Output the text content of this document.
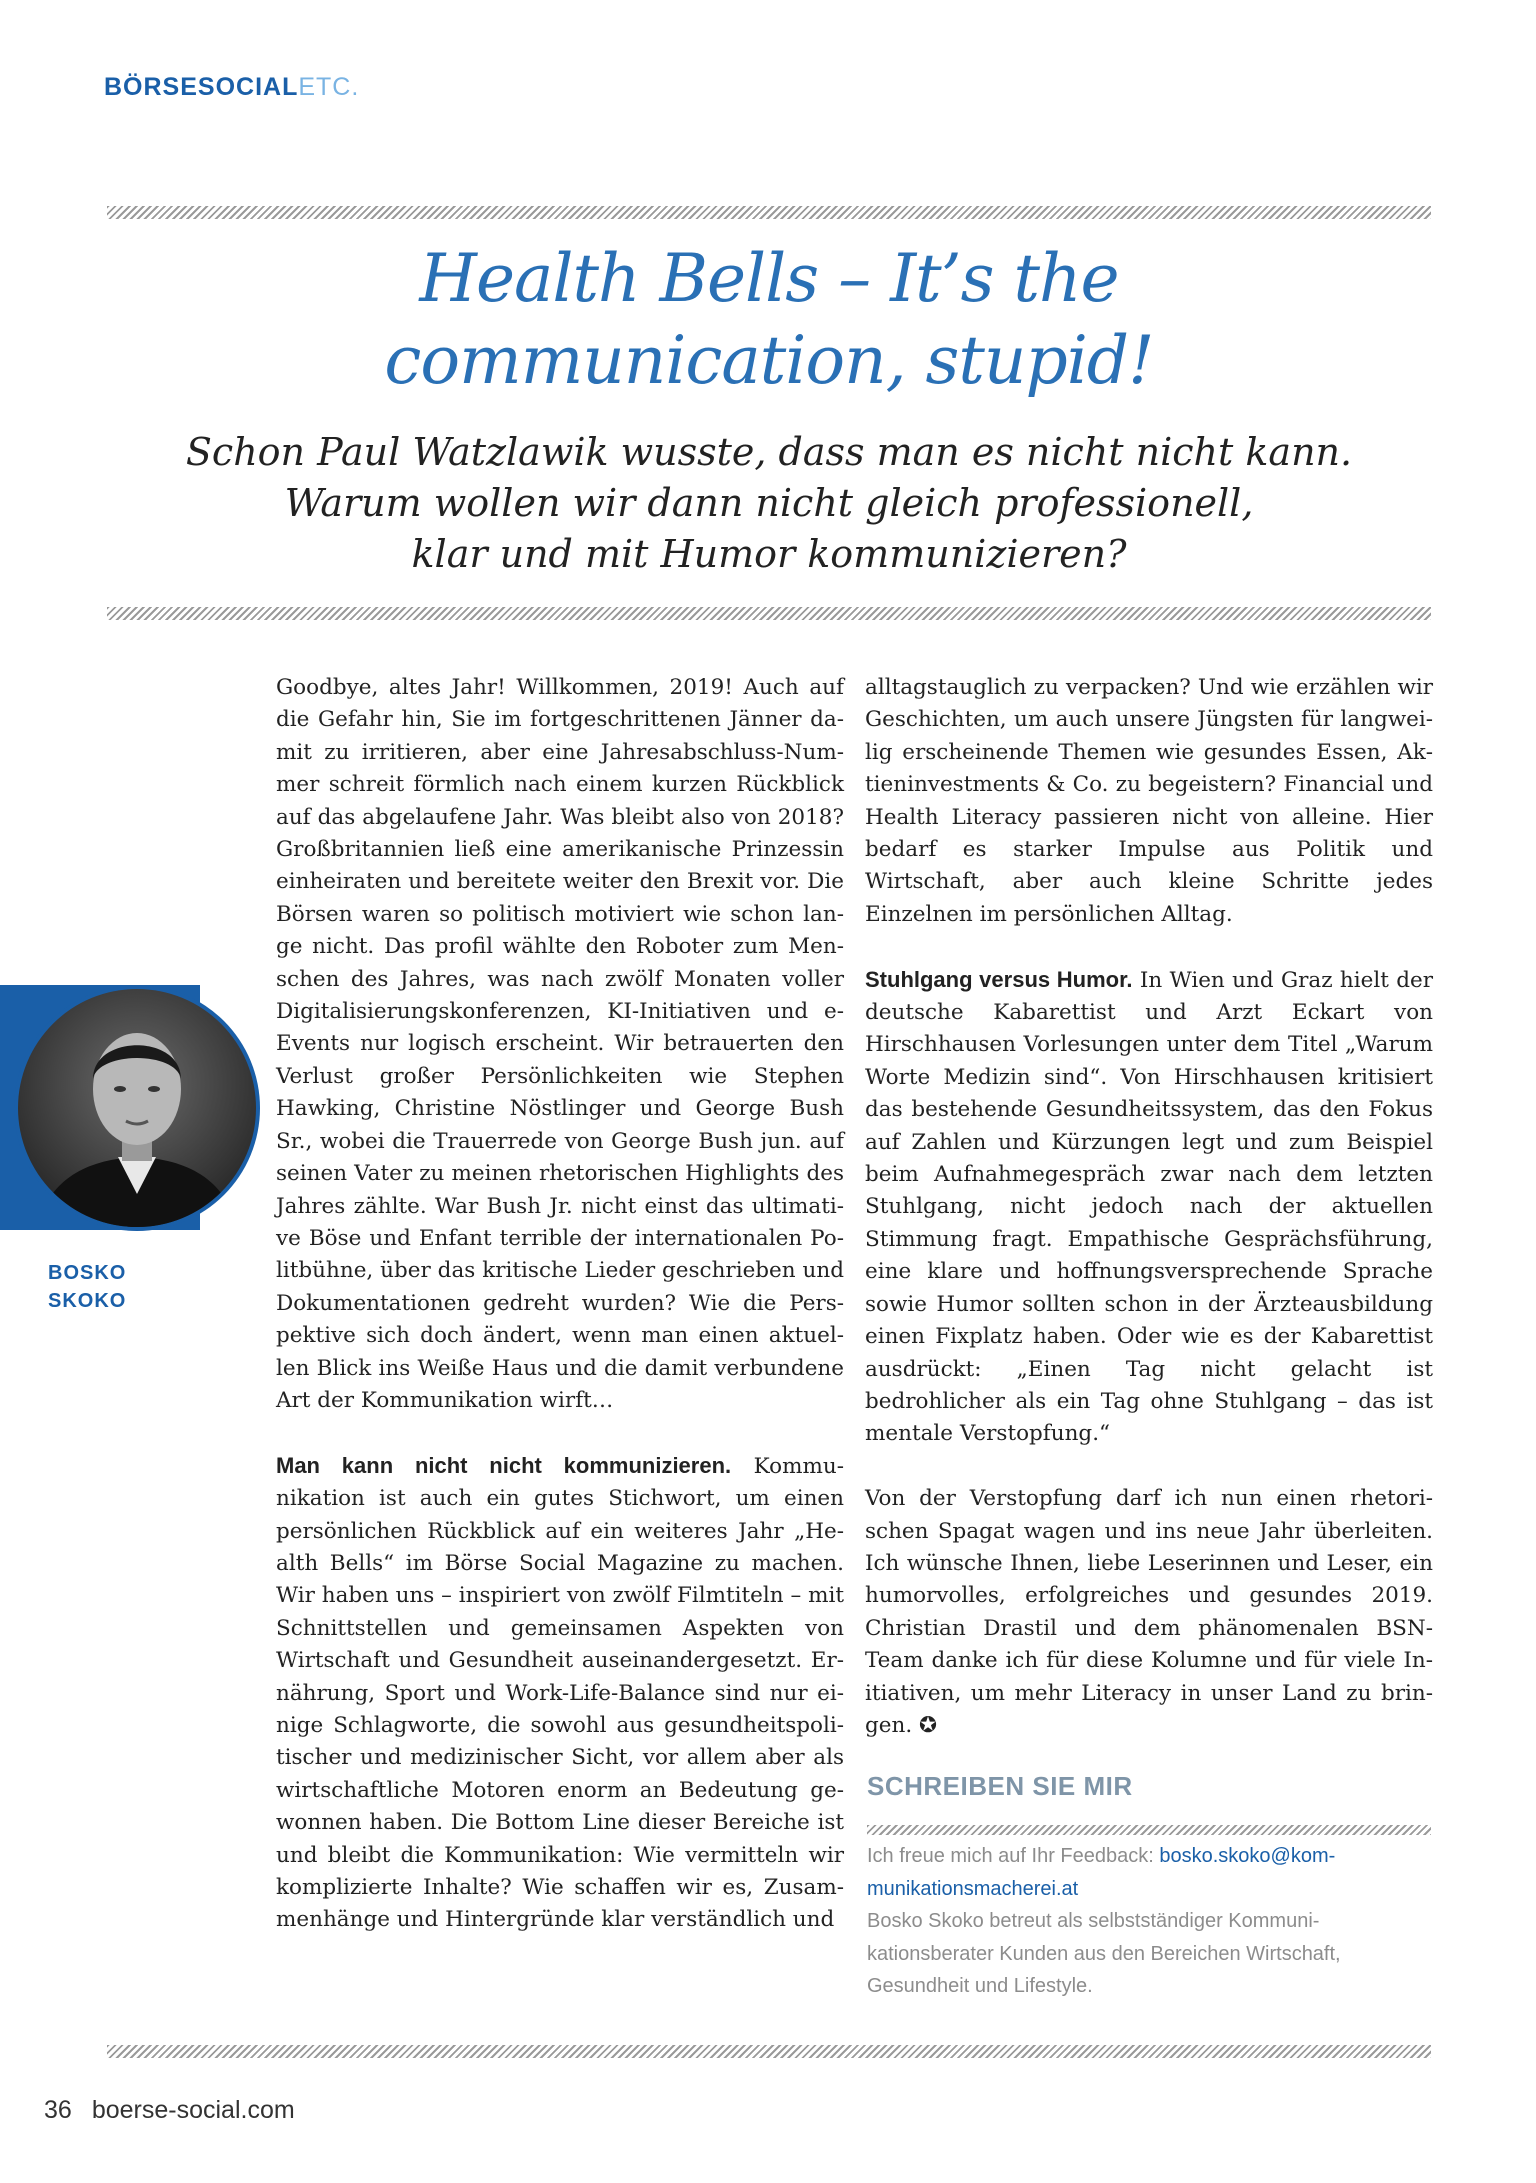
BÖRSESOCIALETC.
Health Bells – It’s the
communication, stupid!
Schon Paul Watzlawik wusste, dass man es nicht nicht kann.
Warum wollen wir dann nicht gleich professionell,
klar und mit Humor kommunizieren?
BOSKO
SKOKO

Goodbye, altes Jahr! Willkommen, 2019! Auch auf die Gefahr hin, Sie im fortgeschrittenen Jänner damit zu irritieren, aber eine Jahresabschluss-Nummer schreit förmlich nach einem kurzen Rückblick auf das abgelaufene Jahr. Was bleibt also von 2018? Großbritannien ließ eine amerikanische Prinzessin einheiraten und bereitete weiter den Brexit vor. Die Börsen waren so politisch motiviert wie schon lange nicht. Das profil wählte den Roboter zum Menschen des Jahres, was nach zwölf Monaten voller Digitalisierungskonferenzen, KI-Initiativen und e-Events nur logisch erscheint. Wir betrauerten den Verlust großer Persönlichkeiten wie Stephen Hawking, Christine Nöstlinger und George Bush Sr., wobei die Trauerrede von George Bush jun. auf seinen Vater zu meinen rhetorischen Highlights des Jahres zählte. War Bush Jr. nicht einst das ultimative Böse und Enfant terrible der internationalen Politbühne, über das kritische Lieder geschrieben und Dokumentationen gedreht wurden? Wie die Perspektive sich doch ändert, wenn man einen aktuellen Blick ins Weiße Haus und die damit verbundene Art der Kommunikation wirft…

Man kann nicht nicht kommunizieren. Kommunikation ist auch ein gutes Stichwort, um einen persönlichen Rückblick auf ein weiteres Jahr „Health Bells“ im Börse Social Magazine zu machen. Wir haben uns – inspiriert von zwölf Filmtiteln – mit Schnittstellen und gemeinsamen Aspekten von Wirtschaft und Gesundheit auseinandergesetzt. Ernährung, Sport und Work-Life-Balance sind nur einige Schlagworte, die sowohl aus gesundheitspolitischer und medizinischer Sicht, vor allem aber als wirtschaftliche Motoren enorm an Bedeutung gewonnen haben. Die Bottom Line dieser Bereiche ist und bleibt die Kommunikation: Wie vermitteln wir komplizierte Inhalte? Wie schaffen wir es, Zusammenhänge und Hintergründe klar verständlich und

alltagstauglich zu verpacken? Und wie erzählen wir Geschichten, um auch unsere Jüngsten für langweilig erscheinende Themen wie gesundes Essen, Aktieninvestments & Co. zu begeistern? Financial und Health Literacy passieren nicht von alleine. Hier bedarf es starker Impulse aus Politik und Wirtschaft, aber auch kleine Schritte jedes Einzelnen im persönlichen Alltag.

Stuhlgang versus Humor. In Wien und Graz hielt der deutsche Kabarettist und Arzt Eckart von Hirschhausen Vorlesungen unter dem Titel „Warum Worte Medizin sind“. Von Hirschhausen kritisiert das bestehende Gesundheitssystem, das den Fokus auf Zahlen und Kürzungen legt und zum Beispiel beim Aufnahmegespräch zwar nach dem letzten Stuhlgang, nicht jedoch nach der aktuellen Stimmung fragt. Empathische Gesprächsführung, eine klare und hoffnungsversprechende Sprache sowie Humor sollten schon in der Ärzteausbildung einen Fixplatz haben. Oder wie es der Kabarettist ausdrückt: „Einen Tag nicht gelacht ist bedrohlicher als ein Tag ohne Stuhlgang – das ist mentale Verstopfung.“

Von der Verstopfung darf ich nun einen rhetorischen Spagat wagen und ins neue Jahr überleiten. Ich wünsche Ihnen, liebe Leserinnen und Leser, ein humorvolles, erfolgreiches und gesundes 2019. Christian Drastil und dem phänomenalen BSN-Team danke ich für diese Kolumne und für viele Initiativen, um mehr Literacy in unser Land zu bringen. ✪

SCHREIBEN SIE MIR

Ich freue mich auf Ihr Feedback: bosko.skoko@kommunikationsmacherei.at

Bosko Skoko betreut als selbstständiger Kommunikationsberater Kunden aus den Bereichen Wirtschaft, Gesundheit und Lifestyle.

36 boerse-social.com
